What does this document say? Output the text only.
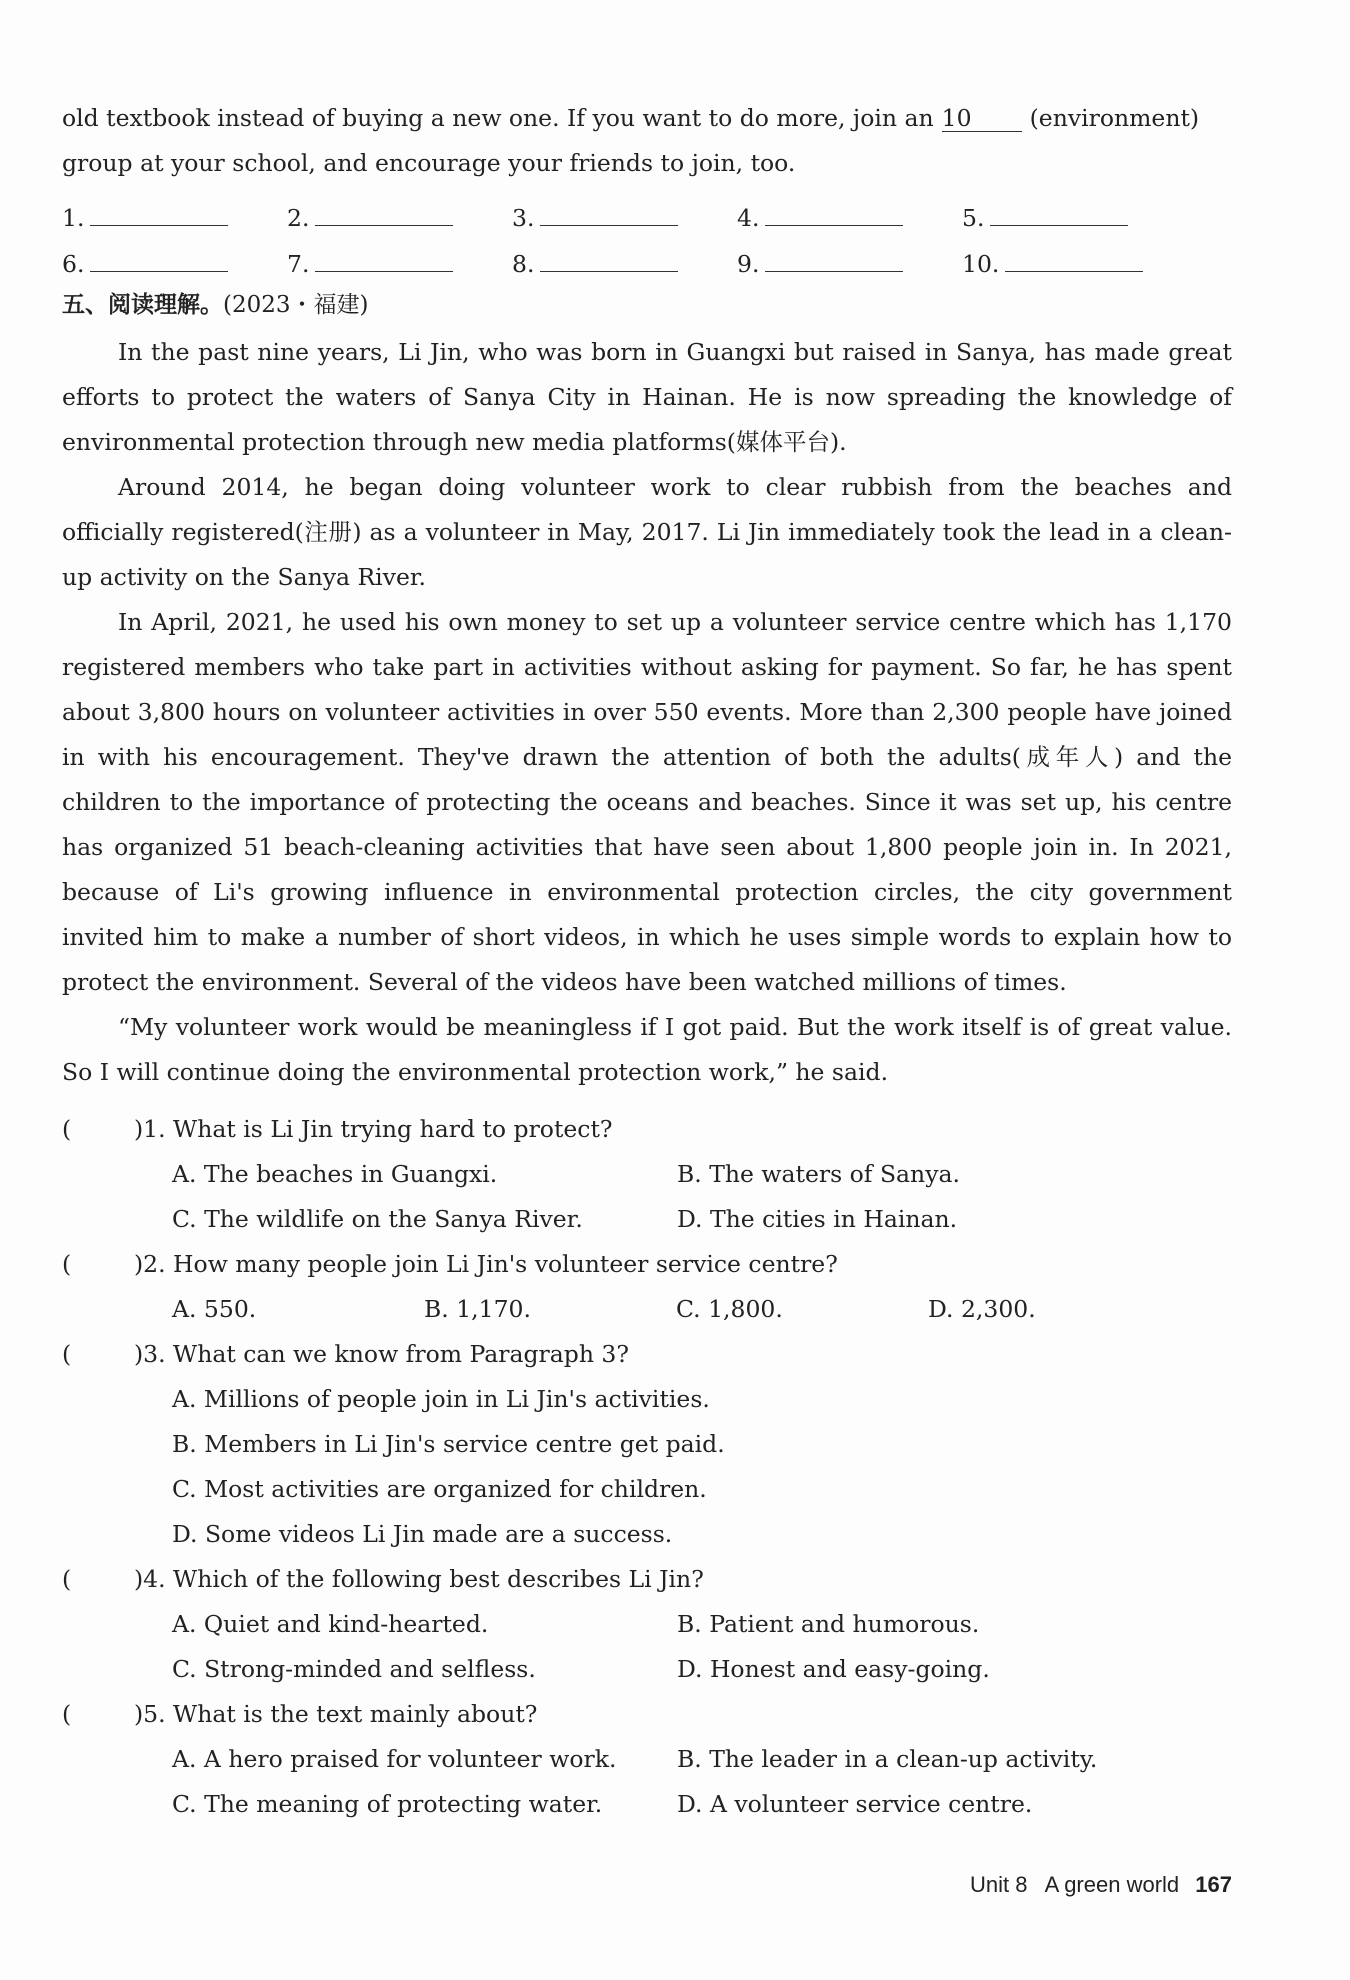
old textbook instead of buying a new one. If you want to do more, join an 10 (environment)

group at your school, and encourage your friends to join, too.

1.	2.	3.	4.	5.
6.	7.	8.	9.	10.
五、阅读理解。(2023・福建)

In the past nine years, Li Jin, who was born in Guangxi but raised in Sanya, has made great efforts to protect the waters of Sanya City in Hainan. He is now spreading the knowledge of environmental protection through new media platforms(媒体平台).

Around 2014, he began doing volunteer work to clear rubbish from the beaches and officially registered(注册) as a volunteer in May, 2017. Li Jin immediately took the lead in a clean-up activity on the Sanya River.

In April, 2021, he used his own money to set up a volunteer service centre which has 1,170 registered members who take part in activities without asking for payment. So far, he has spent about 3,800 hours on volunteer activities in over 550 events. More than 2,300 people have joined in with his encouragement. They've drawn the attention of both the adults(成年人) and the children to the importance of protecting the oceans and beaches. Since it was set up, his centre has organized 51 beach-cleaning activities that have seen about 1,800 people join in. In 2021, because of Li's growing influence in environmental protection circles, the city government invited him to make a number of short videos, in which he uses simple words to explain how to protect the environment. Several of the videos have been watched millions of times.

“My volunteer work would be meaningless if I got paid. But the work itself is of great value. So I will continue doing the environmental protection work,” he said.

(	)1. What is Li Jin trying hard to protect?
A. The beaches in Guangxi.	B. The waters of Sanya.
C. The wildlife on the Sanya River.	D. The cities in Hainan.
(	)2. How many people join Li Jin's volunteer service centre?
A. 550.	B. 1,170.	C. 1,800.	D. 2,300.
(	)3. What can we know from Paragraph 3?
A. Millions of people join in Li Jin's activities.
B. Members in Li Jin's service centre get paid.
C. Most activities are organized for children.
D. Some videos Li Jin made are a success.
(	)4. Which of the following best describes Li Jin?
A. Quiet and kind-hearted.	B. Patient and humorous.
C. Strong-minded and selfless.	D. Honest and easy-going.
(	)5. What is the text mainly about?
A. A hero praised for volunteer work.	B. The leader in a clean-up activity.
C. The meaning of protecting water.	D. A volunteer service centre.
Unit 8 A green world 167
